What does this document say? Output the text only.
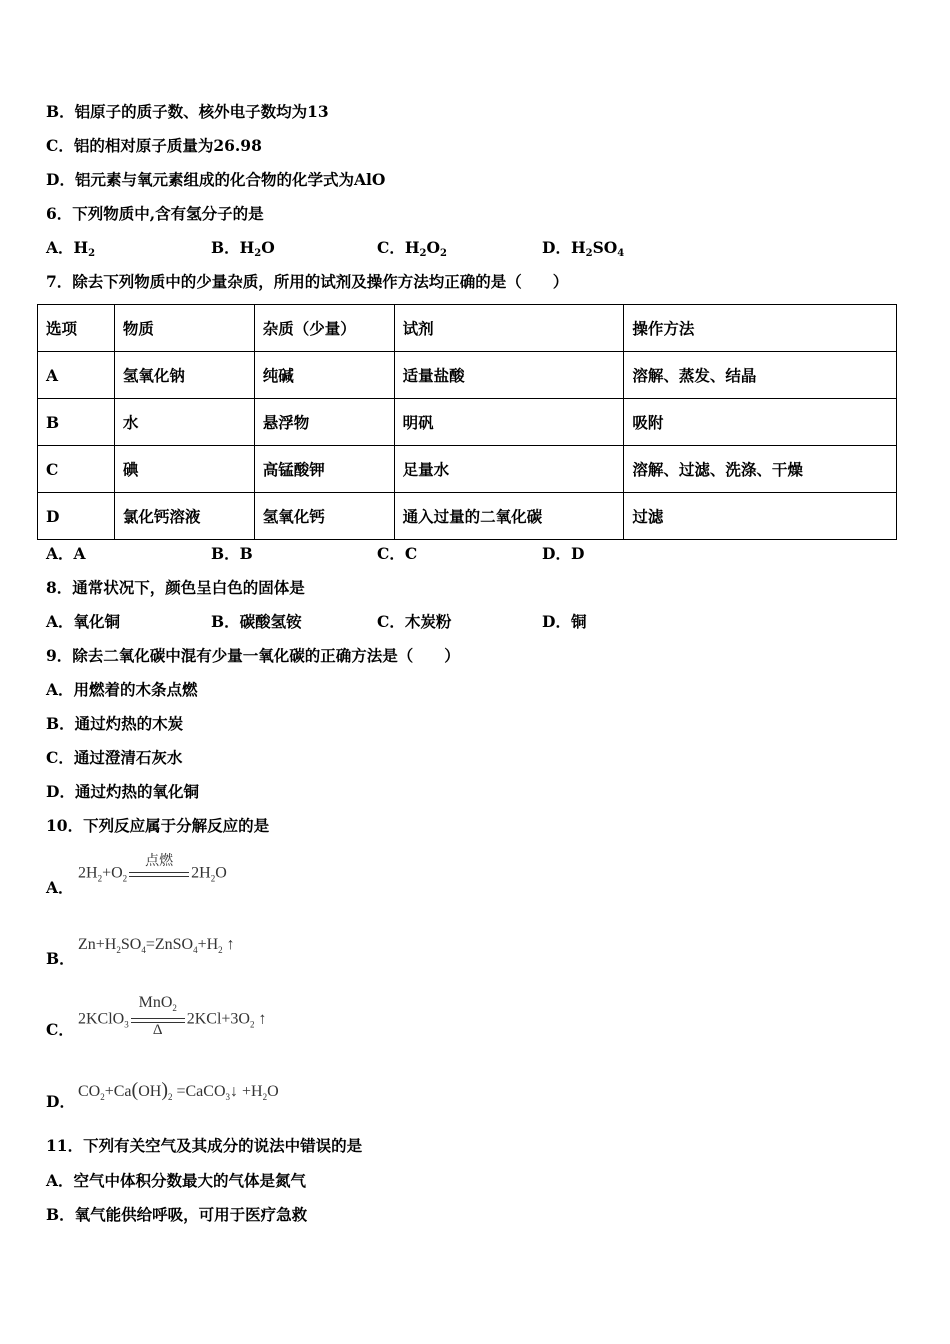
B．铝原子的质子数、核外电子数均为13
C．铝的相对原子质量为26.98
D．铝元素与氧元素组成的化合物的化学式为AlO
6．下列物质中,含有氢分子的是
A．$H_2$	B．$H_2O$	C．$H_2O_2$	D．$H_2SO_4$
7．除去下列物质中的少量杂质，所用的试剂及操作方法均正确的是（　　）
选项	物质	杂质（少量）	试剂	操作方法
A	氢氧化钠	纯碱	适量盐酸	溶解、蒸发、结晶
B	水	悬浮物	明矾	吸附
C	碘	高锰酸钾	足量水	溶解、过滤、洗涤、干燥
D	氯化钙溶液	氢氧化钙	通入过量的二氧化碳	过滤
A．A	B．B	C．C	D．D
8．通常状况下，颜色呈白色的固体是
A．氧化铜	B．碳酸氢铵	C．木炭粉	D．铜
9．除去二氧化碳中混有少量一氧化碳的正确方法是（　　）
A．用燃着的木条点燃
B．通过灼热的木炭
C．通过澄清石灰水
D．通过灼热的氧化铜
10．下列反应属于分解反应的是
A．
$2H_2+O_2$
点燃
$2H_2O$
B．
$Zn+H_2SO_4=ZnSO_4+H_2$ ↑
C．
2KClO$_3$
MnO$_2$
Δ
$2KCl+3O_2$ ↑
D．
$CO_2+Ca(OH)_2$ =CaCO$_3$↓ $+H_2O$
11．下列有关空气及其成分的说法中错误的是
A．空气中体积分数最大的气体是氮气
B．氧气能供给呼吸，可用于医疗急救
